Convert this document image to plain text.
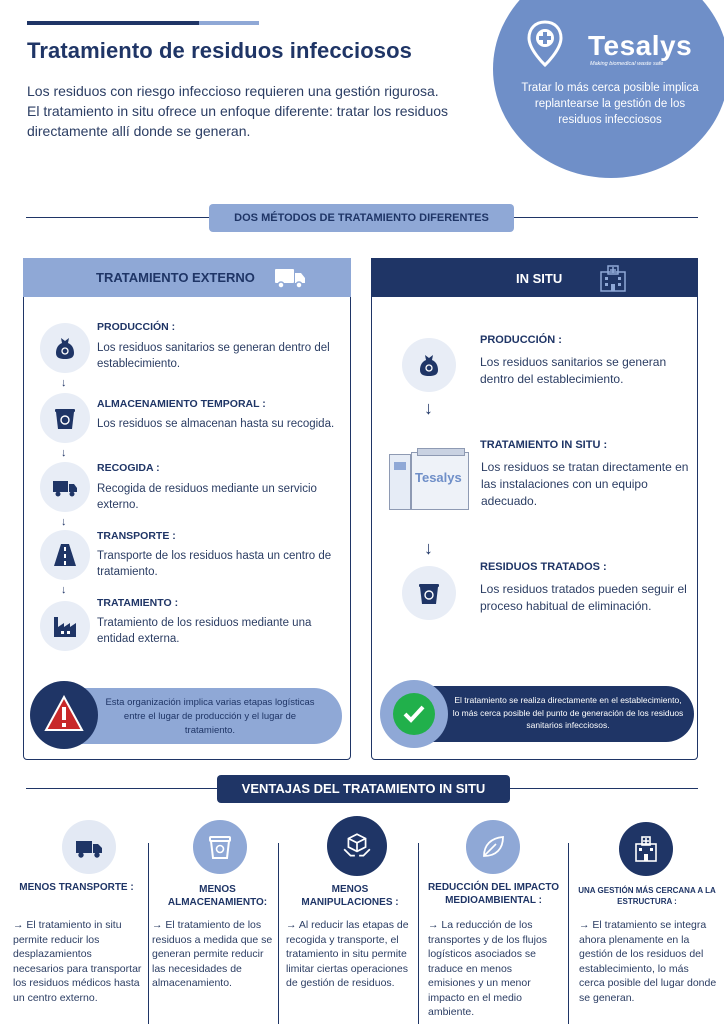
Tratamiento de residuos infecciosos
Los residuos con riesgo infeccioso requieren una gestión rigurosa.
El tratamiento in situ ofrece un enfoque diferente: tratar los residuos directamente allí donde se generan.
Tesalys
Making biomedical waste safe
Tratar lo más cerca posible implica replantearse la gestión de los residuos infecciosos
DOS MÉTODOS DE TRATAMIENTO DIFERENTES
TRATAMIENTO EXTERNO
↓
PRODUCCIÓN :
Los residuos sanitarios se generan dentro del establecimiento.
↓
ALMACENAMIENTO TEMPORAL :
Los residuos se almacenan hasta su recogida.
↓
RECOGIDA :
Recogida de residuos mediante un servicio externo.
↓
TRANSPORTE :
Transporte de los residuos hasta un centro de tratamiento.
TRATAMIENTO :
Tratamiento de los residuos mediante una entidad externa.
Esta organización implica varias etapas logísticas entre el lugar de producción y el lugar de tratamiento.
IN SITU
↓
PRODUCCIÓN :
Los residuos sanitarios se generan dentro del establecimiento.
Tesalys
↓
TRATAMIENTO IN SITU :
Los residuos se tratan directamente en las instalaciones con un equipo adecuado.
RESIDUOS TRATADOS :
Los residuos tratados pueden seguir el proceso habitual de eliminación.
El tratamiento se realiza directamente en el establecimiento, lo más cerca posible del punto de generación de los residuos sanitarios infecciosos.
VENTAJAS DEL TRATAMIENTO IN SITU
MENOS TRANSPORTE :
→ El tratamiento in situ permite reducir los desplazamientos necesarios para transportar los residuos médicos hasta un centro externo.
MENOS ALMACENAMIENTO:
→ El tratamiento de los residuos a medida que se generan permite reducir las necesidades de almacenamiento.
MENOS MANIPULACIONES :
→ Al reducir las etapas de recogida y transporte, el tratamiento in situ permite limitar ciertas operaciones de gestión de residuos.
REDUCCIÓN DEL IMPACTO MEDIOAMBIENTAL :
→ La reducción de los transportes y de los flujos logísticos asociados se traduce en menos emisiones y un menor impacto en el medio ambiente.
UNA GESTIÓN MÁS CERCANA A LA ESTRUCTURA :
→ El tratamiento se integra ahora plenamente en la gestión de los residuos del establecimiento, lo más cerca posible del lugar donde se generan.
